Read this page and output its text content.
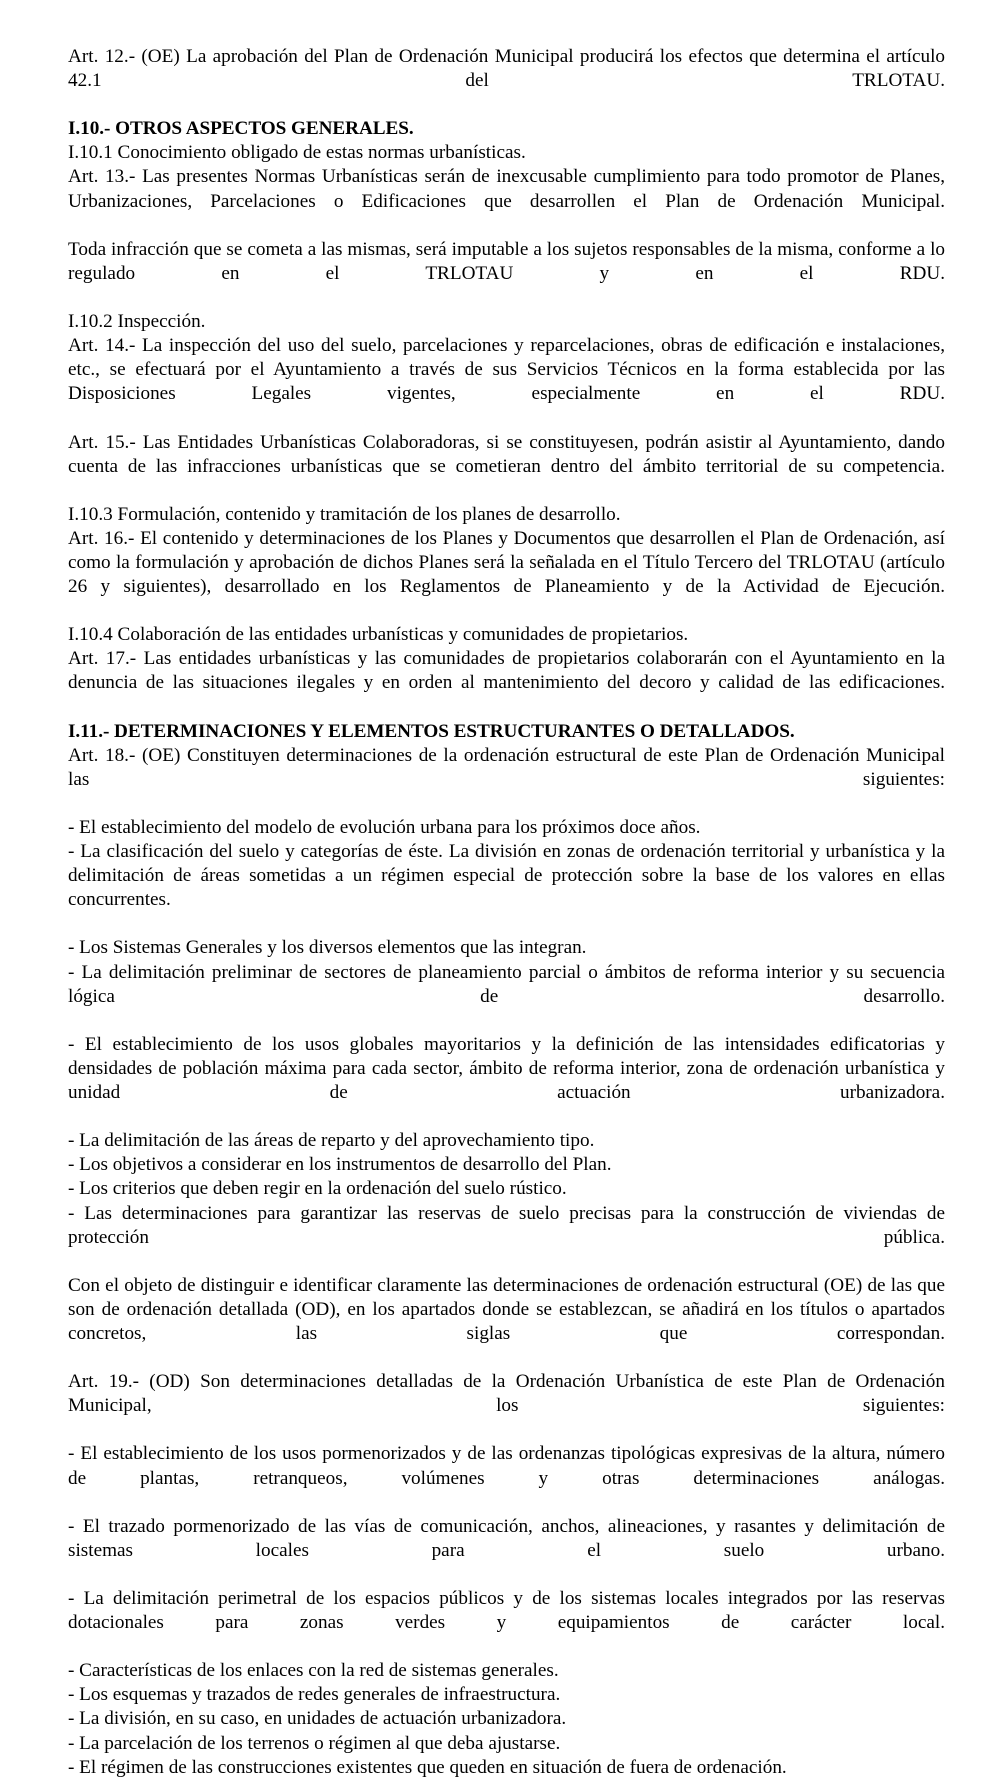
Art. 12.- (OE) La aprobación del Plan de Ordenación Municipal producirá los efectos que determina el artículo 42.1 del TRLOTAU.

I.10.- OTROS ASPECTOS GENERALES.

I.10.1 Conocimiento obligado de estas normas urbanísticas.

Art. 13.- Las presentes Normas Urbanísticas serán de inexcusable cumplimiento para todo promotor de Planes, Urbanizaciones, Parcelaciones o Edificaciones que desarrollen el Plan de Ordenación Municipal.

Toda infracción que se cometa a las mismas, será imputable a los sujetos responsables de la misma, conforme a lo regulado en el TRLOTAU y en el RDU.

I.10.2 Inspección.

Art. 14.- La inspección del uso del suelo, parcelaciones y reparcelaciones, obras de edificación e instalaciones, etc., se efectuará por el Ayuntamiento a través de sus Servicios Técnicos en la forma establecida por las Disposiciones Legales vigentes, especialmente en el RDU.

Art. 15.- Las Entidades Urbanísticas Colaboradoras, si se constituyesen, podrán asistir al Ayuntamiento, dando cuenta de las infracciones urbanísticas que se cometieran dentro del ámbito territorial de su competencia.

I.10.3 Formulación, contenido y tramitación de los planes de desarrollo.

Art. 16.- El contenido y determinaciones de los Planes y Documentos que desarrollen el Plan de Ordenación, así como la formulación y aprobación de dichos Planes será la señalada en el Título Tercero del TRLOTAU (artículo 26 y siguientes), desarrollado en los Reglamentos de Planeamiento y de la Actividad de Ejecución.

I.10.4 Colaboración de las entidades urbanísticas y comunidades de propietarios.

Art. 17.- Las entidades urbanísticas y las comunidades de propietarios colaborarán con el Ayuntamiento en la denuncia de las situaciones ilegales y en orden al mantenimiento del decoro y calidad de las edificaciones.

I.11.- DETERMINACIONES Y ELEMENTOS ESTRUCTURANTES O DETALLADOS.

Art. 18.- (OE) Constituyen determinaciones de la ordenación estructural de este Plan de Ordenación Municipal las siguientes:

- El establecimiento del modelo de evolución urbana para los próximos doce años.

- La clasificación del suelo y categorías de éste. La división en zonas de ordenación territorial y urbanística y la delimitación de áreas sometidas a un régimen especial de protección sobre la base de los valores en ellas concurrentes.

- Los Sistemas Generales y los diversos elementos que las integran.

- La delimitación preliminar de sectores de planeamiento parcial o ámbitos de reforma interior y su secuencia lógica de desarrollo.

- El establecimiento de los usos globales mayoritarios y la definición de las intensidades edificatorias y densidades de población máxima para cada sector, ámbito de reforma interior, zona de ordenación urbanística y unidad de actuación urbanizadora.

- La delimitación de las áreas de reparto y del aprovechamiento tipo.

- Los objetivos a considerar en los instrumentos de desarrollo del Plan.

- Los criterios que deben regir en la ordenación del suelo rústico.

- Las determinaciones para garantizar las reservas de suelo precisas para la construcción de viviendas de protección pública.

Con el objeto de distinguir e identificar claramente las determinaciones de ordenación estructural (OE) de las que son de ordenación detallada (OD), en los apartados donde se establezcan, se añadirá en los títulos o apartados concretos, las siglas que correspondan.

Art. 19.- (OD) Son determinaciones detalladas de la Ordenación Urbanística de este Plan de Ordenación Municipal, los siguientes:

- El establecimiento de los usos pormenorizados y de las ordenanzas tipológicas expresivas de la altura, número de plantas, retranqueos, volúmenes y otras determinaciones análogas.

- El trazado pormenorizado de las vías de comunicación, anchos, alineaciones, y rasantes y delimitación de sistemas locales para el suelo urbano.

- La delimitación perimetral de los espacios públicos y de los sistemas locales integrados por las reservas dotacionales para zonas verdes y equipamientos de carácter local.

- Características de los enlaces con la red de sistemas generales.

- Los esquemas y trazados de redes generales de infraestructura.

- La división, en su caso, en unidades de actuación urbanizadora.

- La parcelación de los terrenos o régimen al que deba ajustarse.

- El régimen de las construcciones existentes que queden en situación de fuera de ordenación.
